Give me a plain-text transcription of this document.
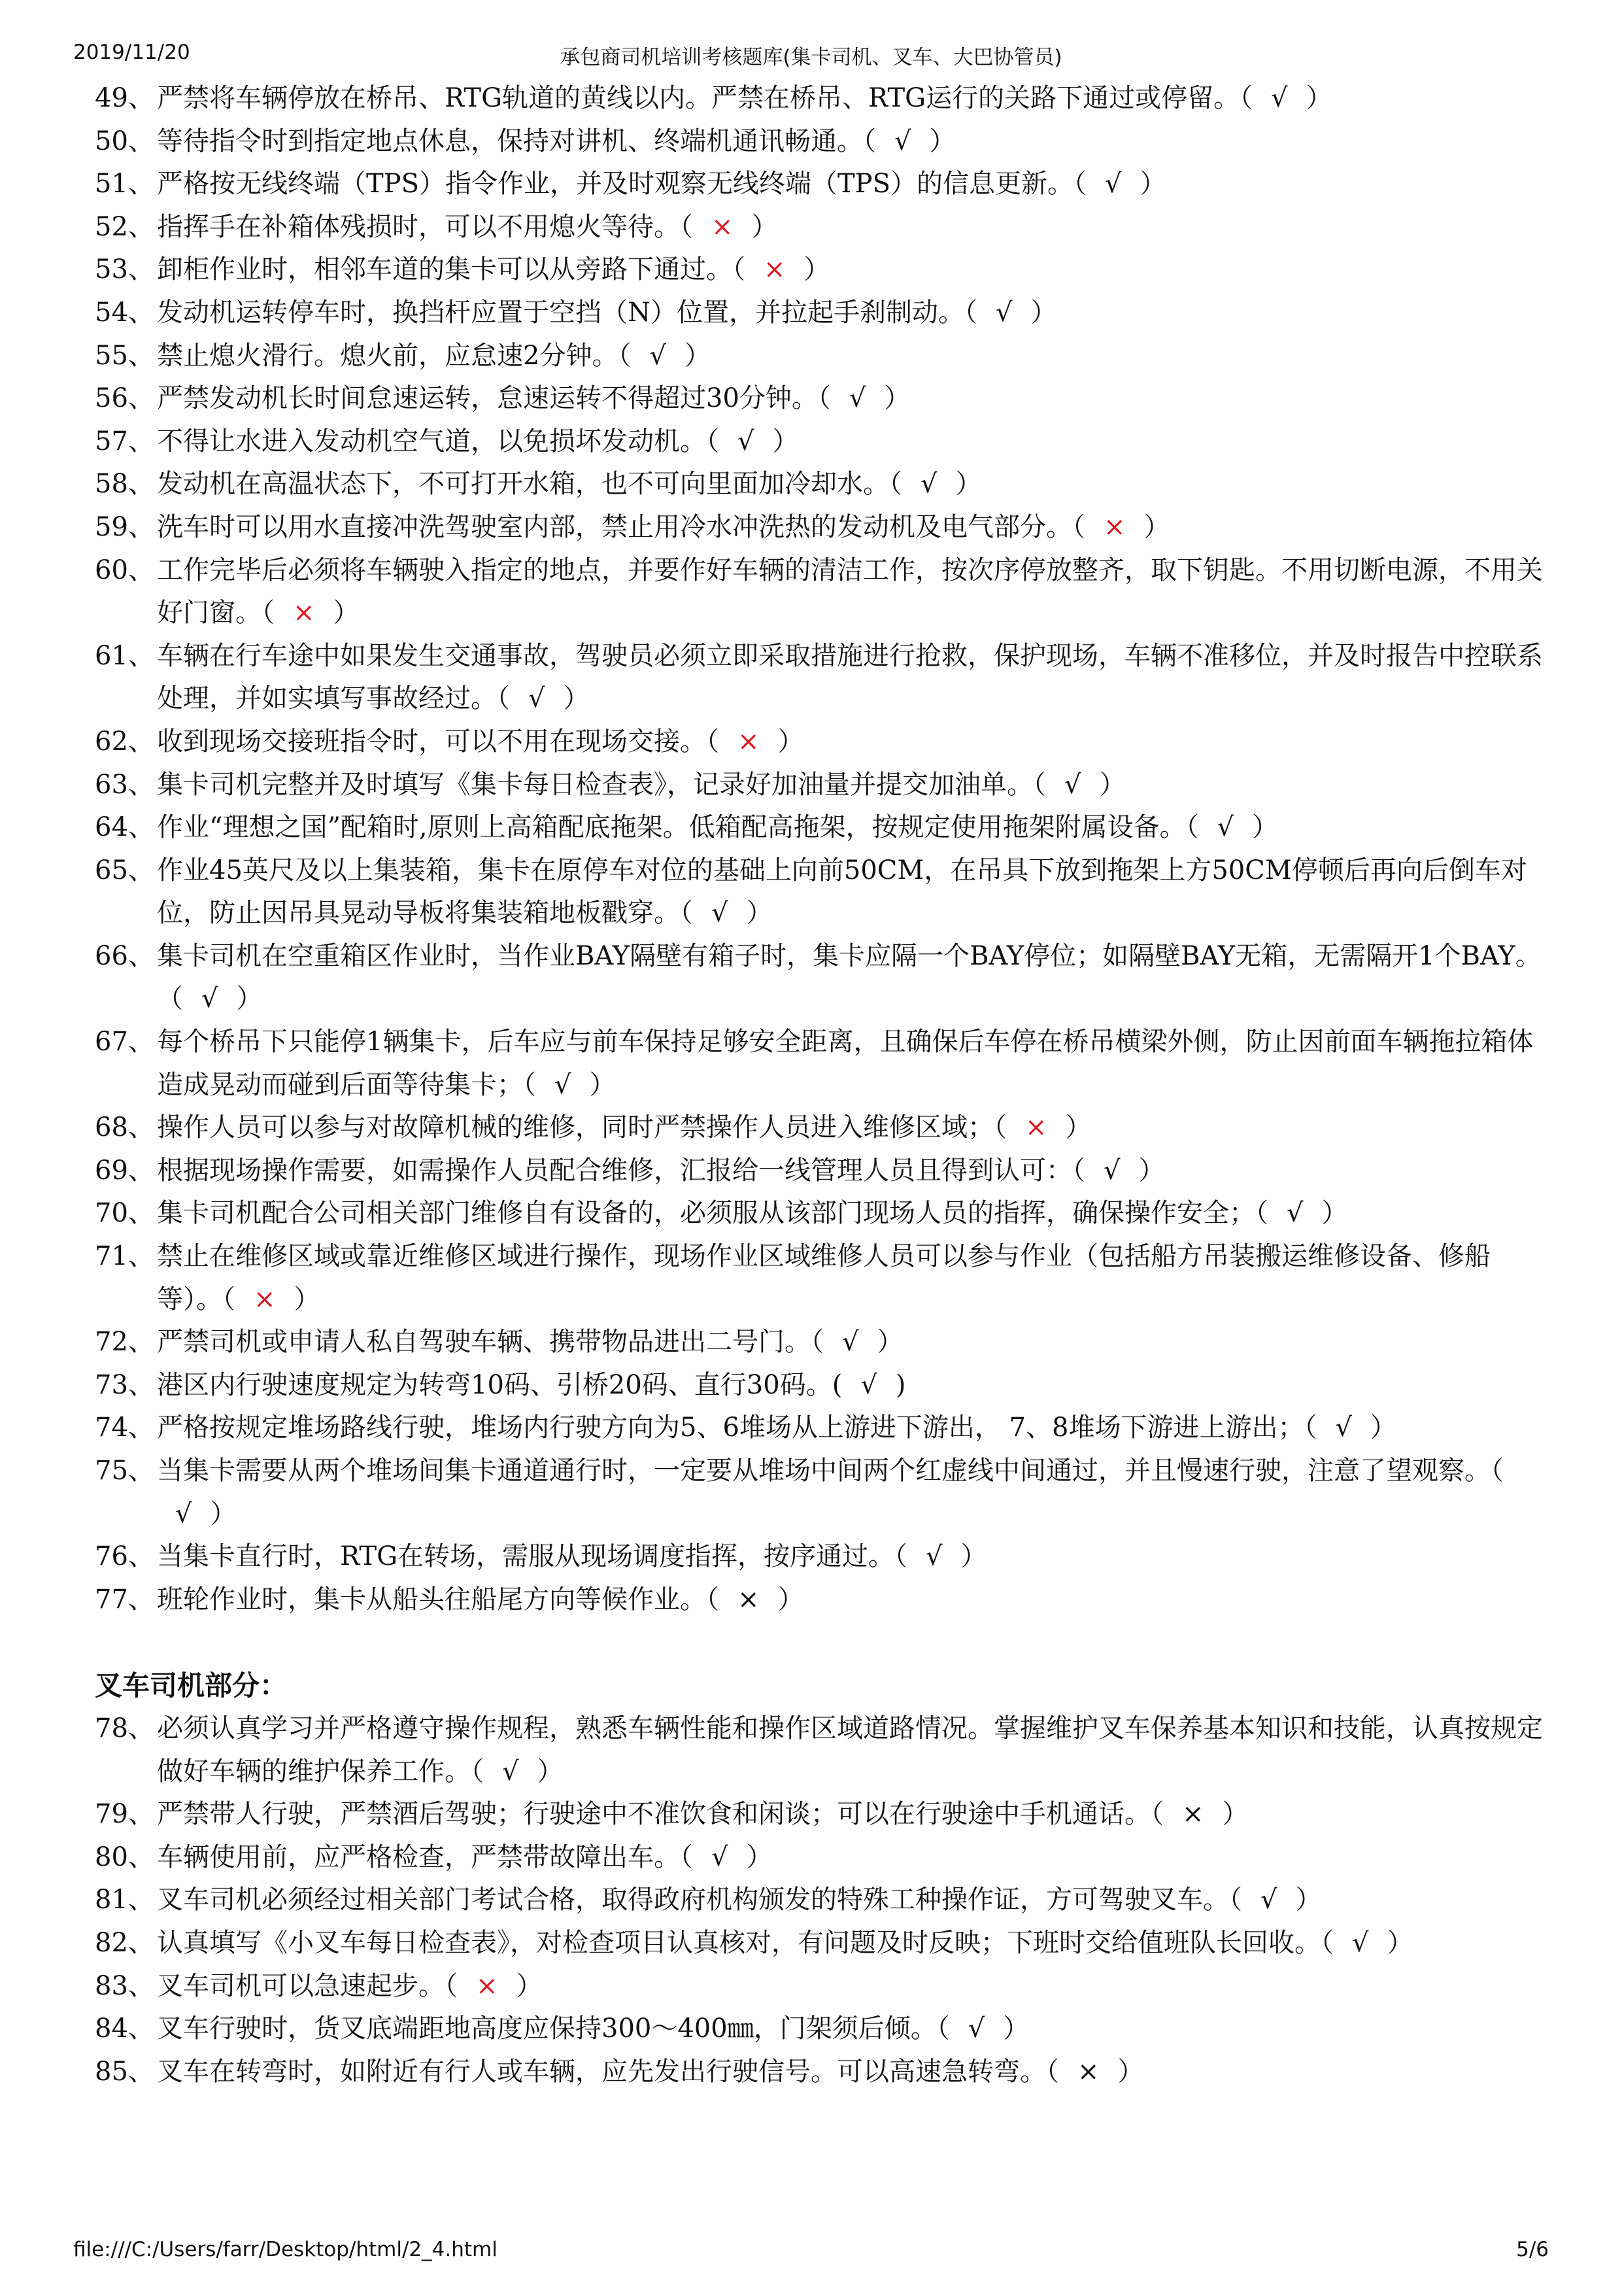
承包商司机培训考核题库(集卡司机、叉车、大巴协管员)
2019/11/20
49、 严禁将车辆停放在桥吊、RTG轨道的黄线以内。严禁在桥吊、RTG运行的关路下通过或停留。（ √ ）
50、 等待指令时到指定地点休息，保持对讲机、终端机通讯畅通。（ √ ）
51、 严格按无线终端（TPS）指令作业，并及时观察无线终端（TPS）的信息更新。（ √ ）
52、 指挥手在补箱体残损时，可以不用熄火等待。（ × ）
53、 卸柜作业时，相邻车道的集卡可以从旁路下通过。（ × ）
54、 发动机运转停车时，换挡杆应置于空挡（N）位置，并拉起手刹制动。（ √ ）
55、 禁止熄火滑行。熄火前，应怠速2分钟。（ √ ）
56、 严禁发动机长时间怠速运转，怠速运转不得超过30分钟。（ √ ）
57、 不得让水进入发动机空气道，以免损坏发动机。（ √ ）
58、 发动机在高温状态下，不可打开水箱，也不可向里面加冷却水。（ √ ）
59、 洗车时可以用水直接冲洗驾驶室内部，禁止用冷水冲洗热的发动机及电气部分。（ × ）
60、 工作完毕后必须将车辆驶入指定的地点，并要作好车辆的清洁工作，按次序停放整齐，取下钥匙。不用切断电源，不用关好门窗。（ × ）
61、 车辆在行车途中如果发生交通事故，驾驶员必须立即采取措施进行抢救，保护现场，车辆不准移位，并及时报告中控联系处理，并如实填写事故经过。（ √ ）
62、 收到现场交接班指令时，可以不用在现场交接。（ × ）
63、 集卡司机完整并及时填写《集卡每日检查表》，记录好加油量并提交加油单。（ √ ）
64、 作业“理想之国”配箱时,原则上高箱配底拖架。低箱配高拖架，按规定使用拖架附属设备。（ √ ）
65、 作业45英尺及以上集装箱，集卡在原停车对位的基础上向前50CM，在吊具下放到拖架上方50CM停顿后再向后倒车对位，防止因吊具晃动导板将集装箱地板戳穿。（ √ ）
66、 集卡司机在空重箱区作业时，当作业BAY隔壁有箱子时，集卡应隔一个BAY停位；如隔壁BAY无箱，无需隔开1个BAY。（ √ ）
67、 每个桥吊下只能停1辆集卡，后车应与前车保持足够安全距离，且确保后车停在桥吊横梁外侧，防止因前面车辆拖拉箱体造成晃动而碰到后面等待集卡；（ √ ）
68、 操作人员可以参与对故障机械的维修，同时严禁操作人员进入维修区域；（ × ）
69、 根据现场操作需要，如需操作人员配合维修，汇报给一线管理人员且得到认可：（ √ ）
70、 集卡司机配合公司相关部门维修自有设备的，必须服从该部门现场人员的指挥，确保操作安全；（ √ ）
71、 禁止在维修区域或靠近维修区域进行操作，现场作业区域维修人员可以参与作业（包括船方吊装搬运维修设备、修船等）。（ × ）
72、 严禁司机或申请人私自驾驶车辆、携带物品进出二号门。（ √ ）
73、 港区内行驶速度规定为转弯10码、引桥20码、直行30码。( √ )
74、 严格按规定堆场路线行驶，堆场内行驶方向为5、6堆场从上游进下游出， 7、8堆场下游进上游出；（ √ ）
75、 当集卡需要从两个堆场间集卡通道通行时，一定要从堆场中间两个红虚线中间通过，并且慢速行驶，注意了望观察。（√ ）
76、 当集卡直行时，RTG在转场，需服从现场调度指挥，按序通过。（ √ ）
77、 班轮作业时，集卡从船头往船尾方向等候作业。（ × ）
叉车司机部分：
78、 必须认真学习并严格遵守操作规程，熟悉车辆性能和操作区域道路情况。掌握维护叉车保养基本知识和技能，认真按规定做好车辆的维护保养工作。（ √ ）
79、 严禁带人行驶，严禁酒后驾驶；行驶途中不准饮食和闲谈；可以在行驶途中手机通话。（ × ）
80、 车辆使用前，应严格检查，严禁带故障出车。（ √ ）
81、 叉车司机必须经过相关部门考试合格，取得政府机构颁发的特殊工种操作证，方可驾驶叉车。（ √ ）
82、 认真填写《小叉车每日检查表》，对检查项目认真核对，有问题及时反映；下班时交给值班队长回收。（ √ ）
83、 叉车司机可以急速起步。（ × ）
84、 叉车行驶时，货叉底端距地高度应保持300～400㎜，门架须后倾。（ √ ）
85、 叉车在转弯时，如附近有行人或车辆，应先发出行驶信号。可以高速急转弯。（ × ）
file:///C:/Users/farr/Desktop/html/2_4.html	5/6
